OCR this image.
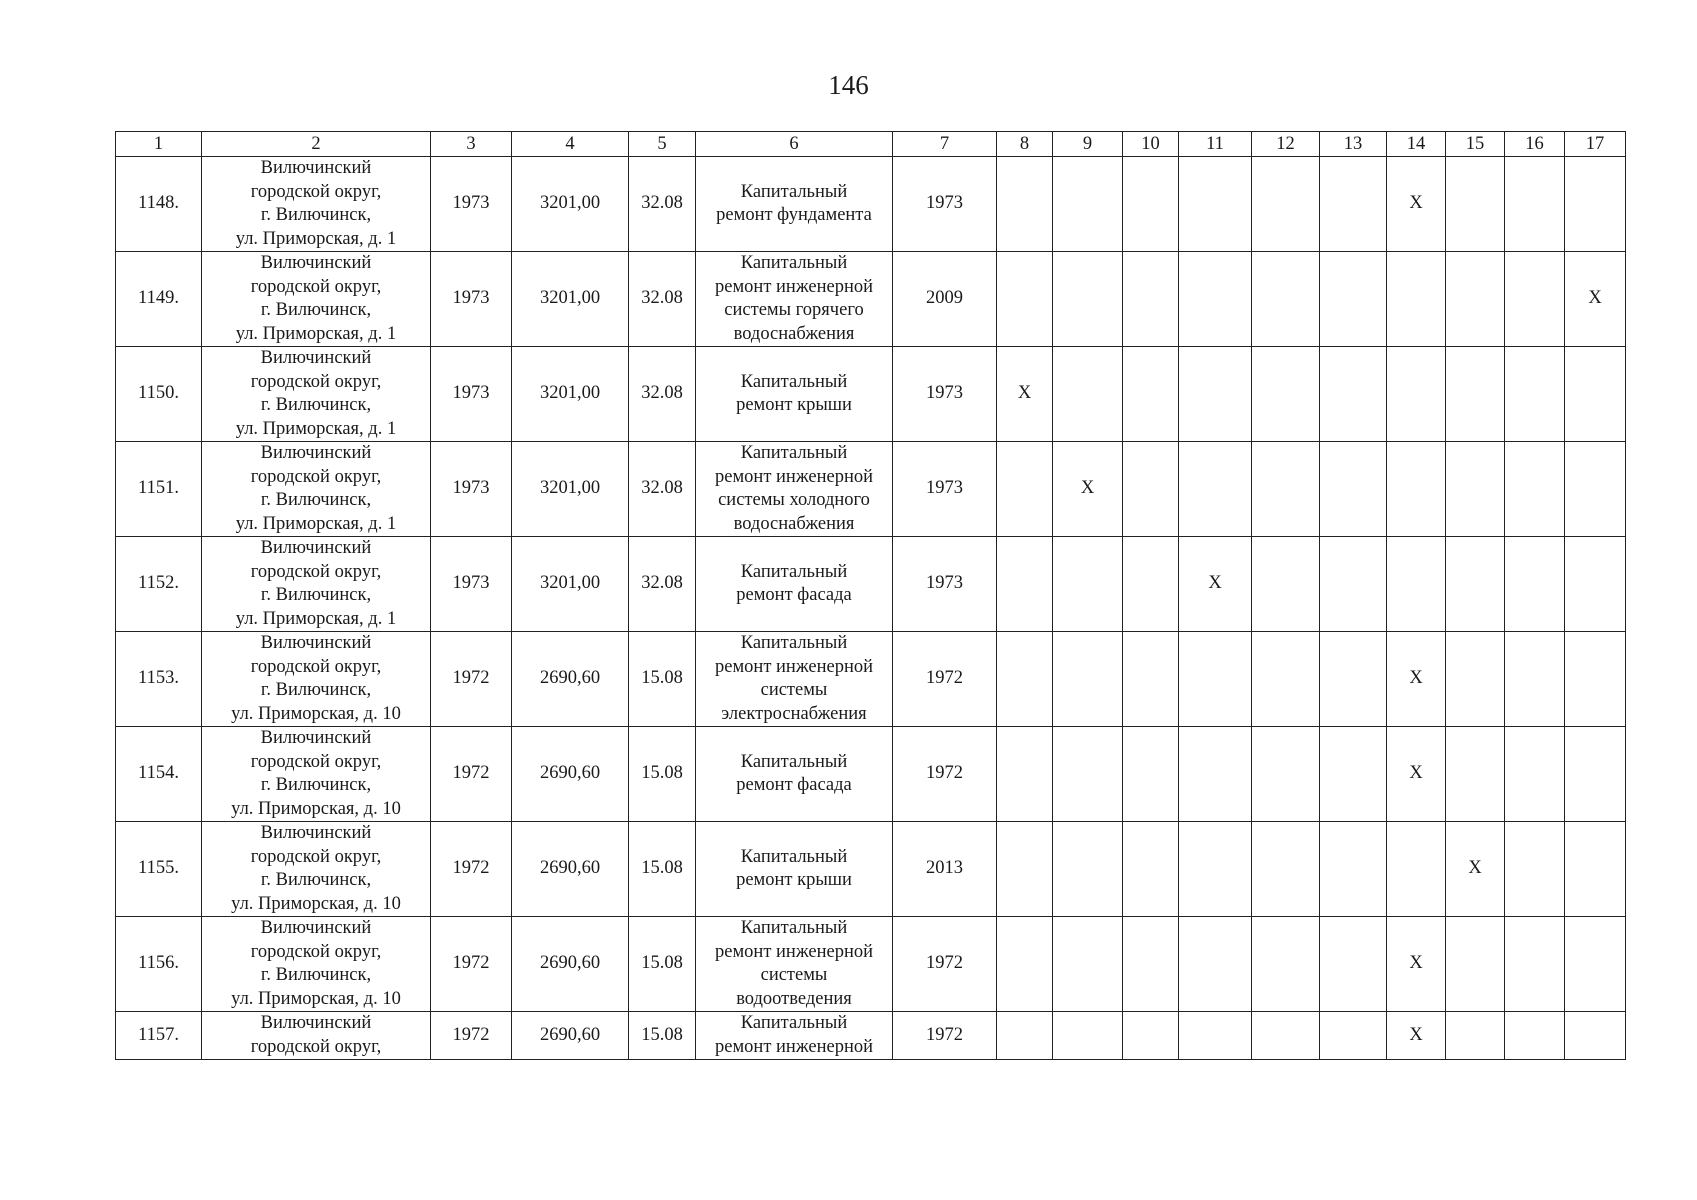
146
1	2	3	4	5	6	7	8	9	10	11	12	13	14	15	16	17
1148.	Вилючинский
городской округ,
г. Вилючинск,
ул. Приморская, д. 1	1973	3201,00	32.08	Капитальный
ремонт фундамента	1973							X			
1149.	Вилючинский
городской округ,
г. Вилючинск,
ул. Приморская, д. 1	1973	3201,00	32.08	Капитальный
ремонт инженерной
системы горячего
водоснабжения	2009										X
1150.	Вилючинский
городской округ,
г. Вилючинск,
ул. Приморская, д. 1	1973	3201,00	32.08	Капитальный
ремонт крыши	1973	X									
1151.	Вилючинский
городской округ,
г. Вилючинск,
ул. Приморская, д. 1	1973	3201,00	32.08	Капитальный
ремонт инженерной
системы холодного
водоснабжения	1973		X								
1152.	Вилючинский
городской округ,
г. Вилючинск,
ул. Приморская, д. 1	1973	3201,00	32.08	Капитальный
ремонт фасада	1973				X						
1153.	Вилючинский
городской округ,
г. Вилючинск,
ул. Приморская, д. 10	1972	2690,60	15.08	Капитальный
ремонт инженерной
системы
электроснабжения	1972							X			
1154.	Вилючинский
городской округ,
г. Вилючинск,
ул. Приморская, д. 10	1972	2690,60	15.08	Капитальный
ремонт фасада	1972							X			
1155.	Вилючинский
городской округ,
г. Вилючинск,
ул. Приморская, д. 10	1972	2690,60	15.08	Капитальный
ремонт крыши	2013								X		
1156.	Вилючинский
городской округ,
г. Вилючинск,
ул. Приморская, д. 10	1972	2690,60	15.08	Капитальный
ремонт инженерной
системы
водоотведения	1972							X			
1157.	Вилючинский
городской округ,	1972	2690,60	15.08	Капитальный
ремонт инженерной	1972							X			
